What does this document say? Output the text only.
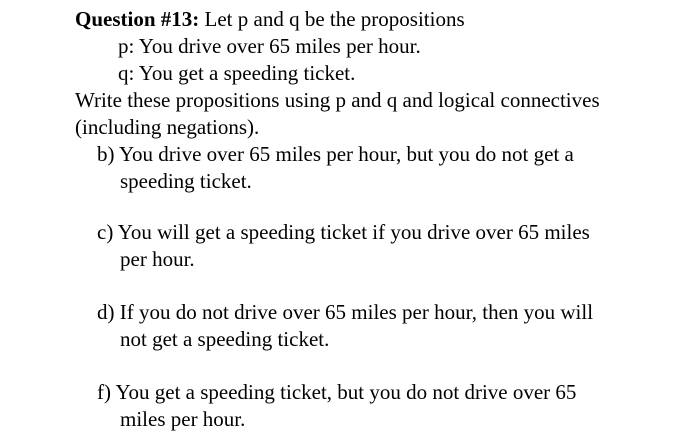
Question #13: Let p and q be the propositions
p: You drive over 65 miles per hour.
q: You get a speeding ticket.
Write these propositions using p and q and logical connectives
(including negations).
b) You drive over 65 miles per hour, but you do not get a
speeding ticket.
c) You will get a speeding ticket if you drive over 65 miles
per hour.
d) If you do not drive over 65 miles per hour, then you will
not get a speeding ticket.
f) You get a speeding ticket, but you do not drive over 65
miles per hour.
